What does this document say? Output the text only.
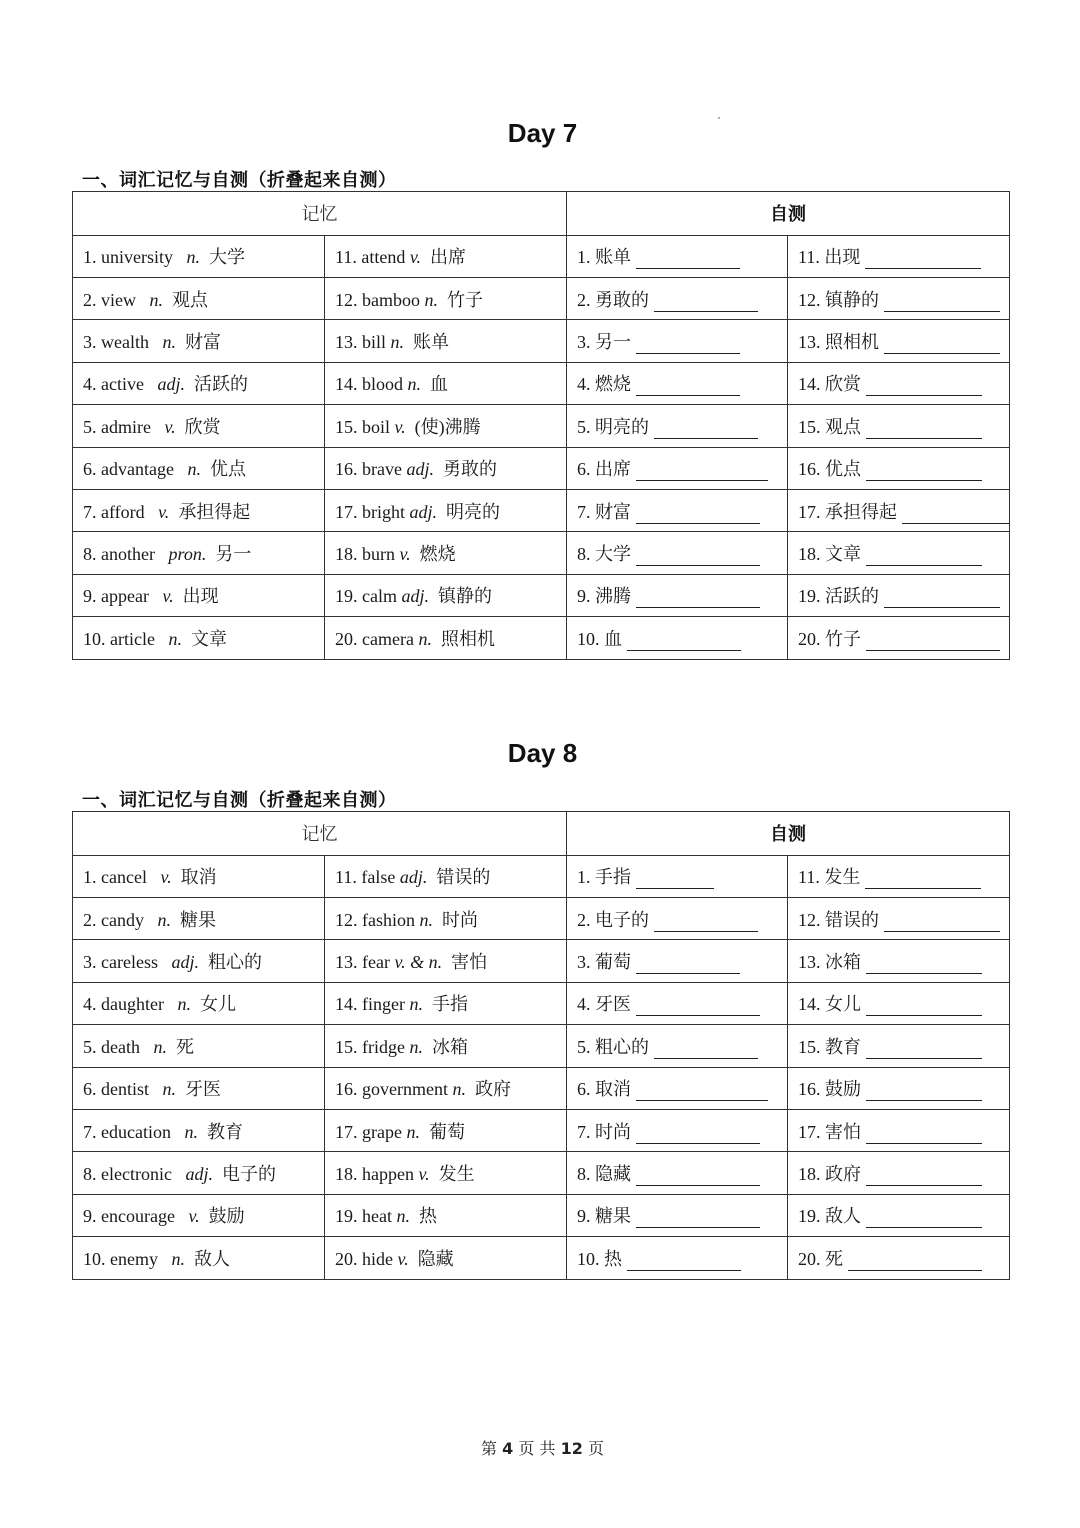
Day 7
一、词汇记忆与自测（折叠起来自测）
记忆		自测	
1. university n. 大学	11. attend v. 出席	1. 账单	11. 出现
2. view n. 观点	12. bamboo n. 竹子	2. 勇敢的	12. 镇静的
3. wealth n. 财富	13. bill n. 账单	3. 另一	13. 照相机
4. active adj. 活跃的	14. blood n. 血	4. 燃烧	14. 欣赏
5. admire v. 欣赏	15. boil v. (使)沸腾	5. 明亮的	15. 观点
6. advantage n. 优点	16. brave adj. 勇敢的	6. 出席	16. 优点
7. afford v. 承担得起	17. bright adj. 明亮的	7. 财富	17. 承担得起
8. another pron. 另一	18. burn v. 燃烧	8. 大学	18. 文章
9. appear v. 出现	19. calm adj. 镇静的	9. 沸腾	19. 活跃的
10. article n. 文章	20. camera n. 照相机	10. 血	20. 竹子
Day 8
一、词汇记忆与自测（折叠起来自测）
记忆		自测	
1. cancel v. 取消	11. false adj. 错误的	1. 手指	11. 发生
2. candy n. 糖果	12. fashion n. 时尚	2. 电子的	12. 错误的
3. careless adj. 粗心的	13. fear v. & n. 害怕	3. 葡萄	13. 冰箱
4. daughter n. 女儿	14. finger n. 手指	4. 牙医	14. 女儿
5. death n. 死	15. fridge n. 冰箱	5. 粗心的	15. 教育
6. dentist n. 牙医	16. government n. 政府	6. 取消	16. 鼓励
7. education n. 教育	17. grape n. 葡萄	7. 时尚	17. 害怕
8. electronic adj. 电子的	18. happen v. 发生	8. 隐藏	18. 政府
9. encourage v. 鼓励	19. heat n. 热	9. 糖果	19. 敌人
10. enemy n. 敌人	20. hide v. 隐藏	10. 热	20. 死
第 4 页 共 12 页
